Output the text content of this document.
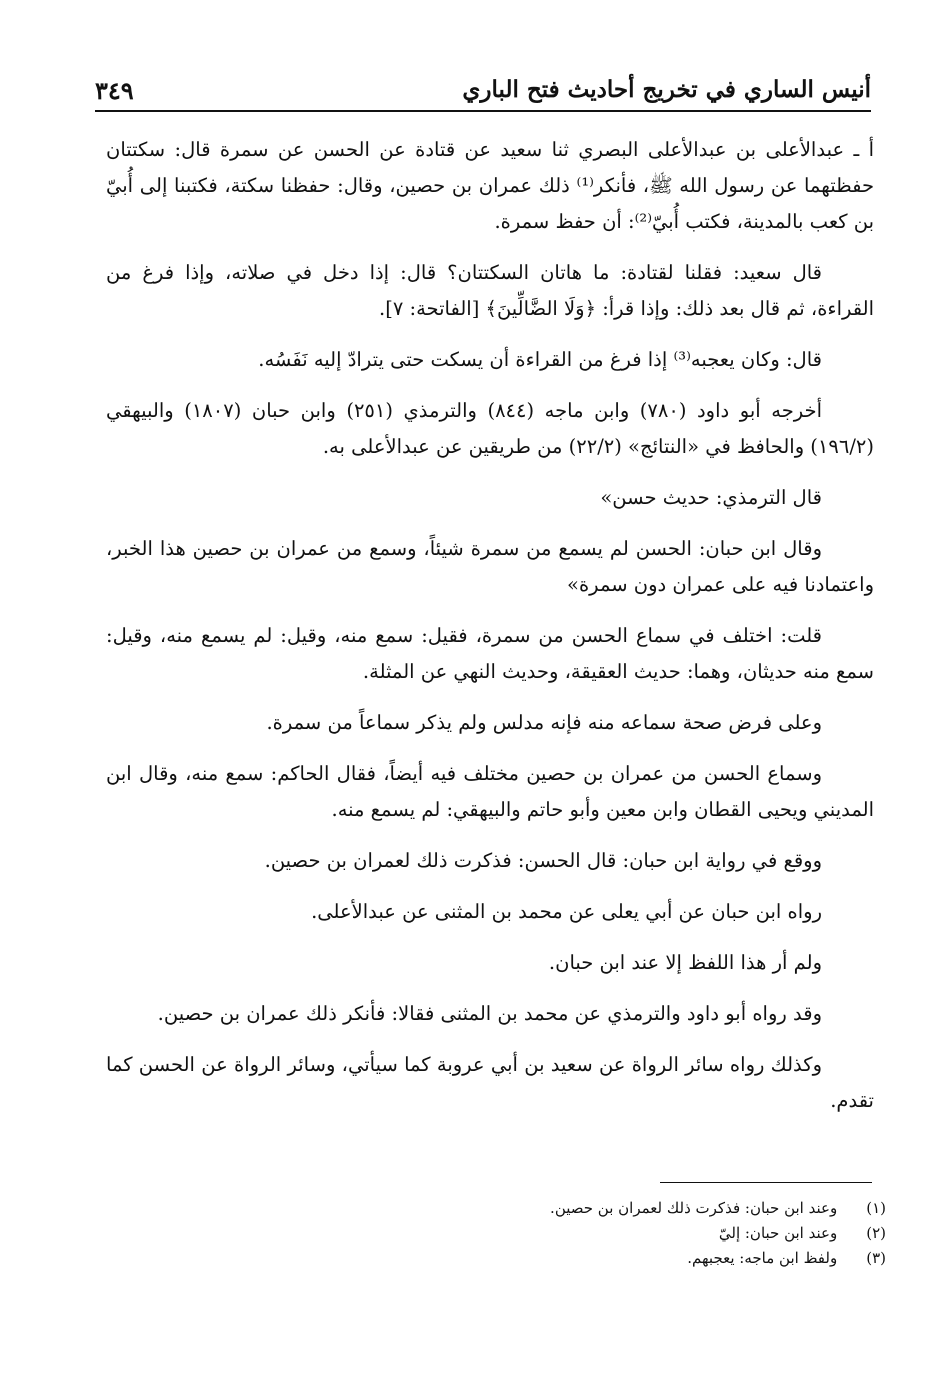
أنيس الساري في تخريج أحاديث فتح الباري
٣٤٩

أ ـ عبدالأعلى بن عبدالأعلى البصري ثنا سعيد عن قتادة عن الحسن عن سمرة قال: سكتتان حفظتهما عن رسول الله ﷺ، فأنكر⁽¹⁾ ذلك عمران بن حصين، وقال: حفظنا سكتة، فكتبنا إلى أُبيّ بن كعب بالمدينة، فكتب أُبيّ⁽²⁾: أن حفظ سمرة.

قال سعيد: فقلنا لقتادة: ما هاتان السكتتان؟ قال: إذا دخل في صلاته، وإذا فرغ من القراءة، ثم قال بعد ذلك: وإذا قرأ: ﴿وَلَا الضَّالِّينَ﴾ [الفاتحة: ٧].

قال: وكان يعجبه⁽³⁾ إذا فرغ من القراءة أن يسكت حتى يترادّ إليه نَفَسُه.

أخرجه أبو داود (٧٨٠) وابن ماجه (٨٤٤) والترمذي (٢٥١) وابن حبان (١٨٠٧) والبيهقي (١٩٦/٢) والحافظ في «النتائج» (٢٢/٢) من طريقين عن عبدالأعلى به.

قال الترمذي: حديث حسن»

وقال ابن حبان: الحسن لم يسمع من سمرة شيئاً، وسمع من عمران بن حصين هذا الخبر، واعتمادنا فيه على عمران دون سمرة»

قلت: اختلف في سماع الحسن من سمرة، فقيل: سمع منه، وقيل: لم يسمع منه، وقيل: سمع منه حديثان، وهما: حديث العقيقة، وحديث النهي عن المثلة.

وعلى فرض صحة سماعه منه فإنه مدلس ولم يذكر سماعاً من سمرة.

وسماع الحسن من عمران بن حصين مختلف فيه أيضاً، فقال الحاكم: سمع منه، وقال ابن المديني ويحيى القطان وابن معين وأبو حاتم والبيهقي: لم يسمع منه.

ووقع في رواية ابن حبان: قال الحسن: فذكرت ذلك لعمران بن حصين.

رواه ابن حبان عن أبي يعلى عن محمد بن المثنى عن عبدالأعلى.

ولم أر هذا اللفظ إلا عند ابن حبان.

وقد رواه أبو داود والترمذي عن محمد بن المثنى فقالا: فأنكر ذلك عمران بن حصين.

وكذلك رواه سائر الرواة عن سعيد بن أبي عروبة كما سيأتي، وسائر الرواة عن الحسن كما تقدم.

(١) وعند ابن حبان: فذكرت ذلك لعمران بن حصين.
(٢) وعند ابن حبان: إليّ
(٣) ولفظ ابن ماجه: يعجبهم.
